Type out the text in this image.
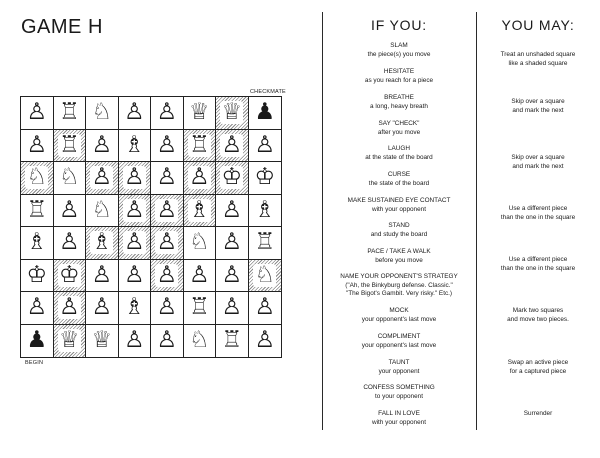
GAME H
CHECKMATE
♙ ♖ ♘ ♙ ♙ ♕ ♕ ♟
♙ ♖ ♙ ♗ ♙ ♖ ♙ ♙
♘ ♘ ♙ ♙ ♙ ♙ ♔ ♔
♖ ♙ ♘ ♙ ♙ ♗ ♙ ♗
♗ ♙ ♗ ♙ ♙ ♘ ♙ ♖
♔ ♔ ♙ ♙ ♙ ♙ ♙ ♘
♙ ♙ ♙ ♗ ♙ ♖ ♙ ♙
♟ ♕ ♕ ♙ ♙ ♘ ♖ ♙
BEGIN
IF YOU:	YOU MAY:
SLAM
the piece(s) you move
HESITATE
as you reach for a piece
BREATHE
a long, heavy breath
SAY "CHECK"
after you move
LAUGH
at the state of the board
CURSE
the state of the board
MAKE SUSTAINED EYE CONTACT
with your opponent
STAND
and study the board
PACE / TAKE A WALK
before you move
NAME YOUR OPPONENT'S STRATEGY
("Ah, the Binkyburg defense. Classic."
"The Bigot's Gambit. Very risky." Etc.)
MOCK
your opponent's last move
COMPLIMENT
your opponent's last move
TAUNT
your opponent
CONFESS SOMETHING
to your opponent
FALL IN LOVE
with your opponent
Treat an unshaded square
like a shaded square
Skip over a square
and mark the next
Skip over a square
and mark the next
Use a different piece
than the one in the square
Use a different piece
than the one in the square
Mark two squares
and move two pieces.
Swap an active piece
for a captured piece
Surrender
